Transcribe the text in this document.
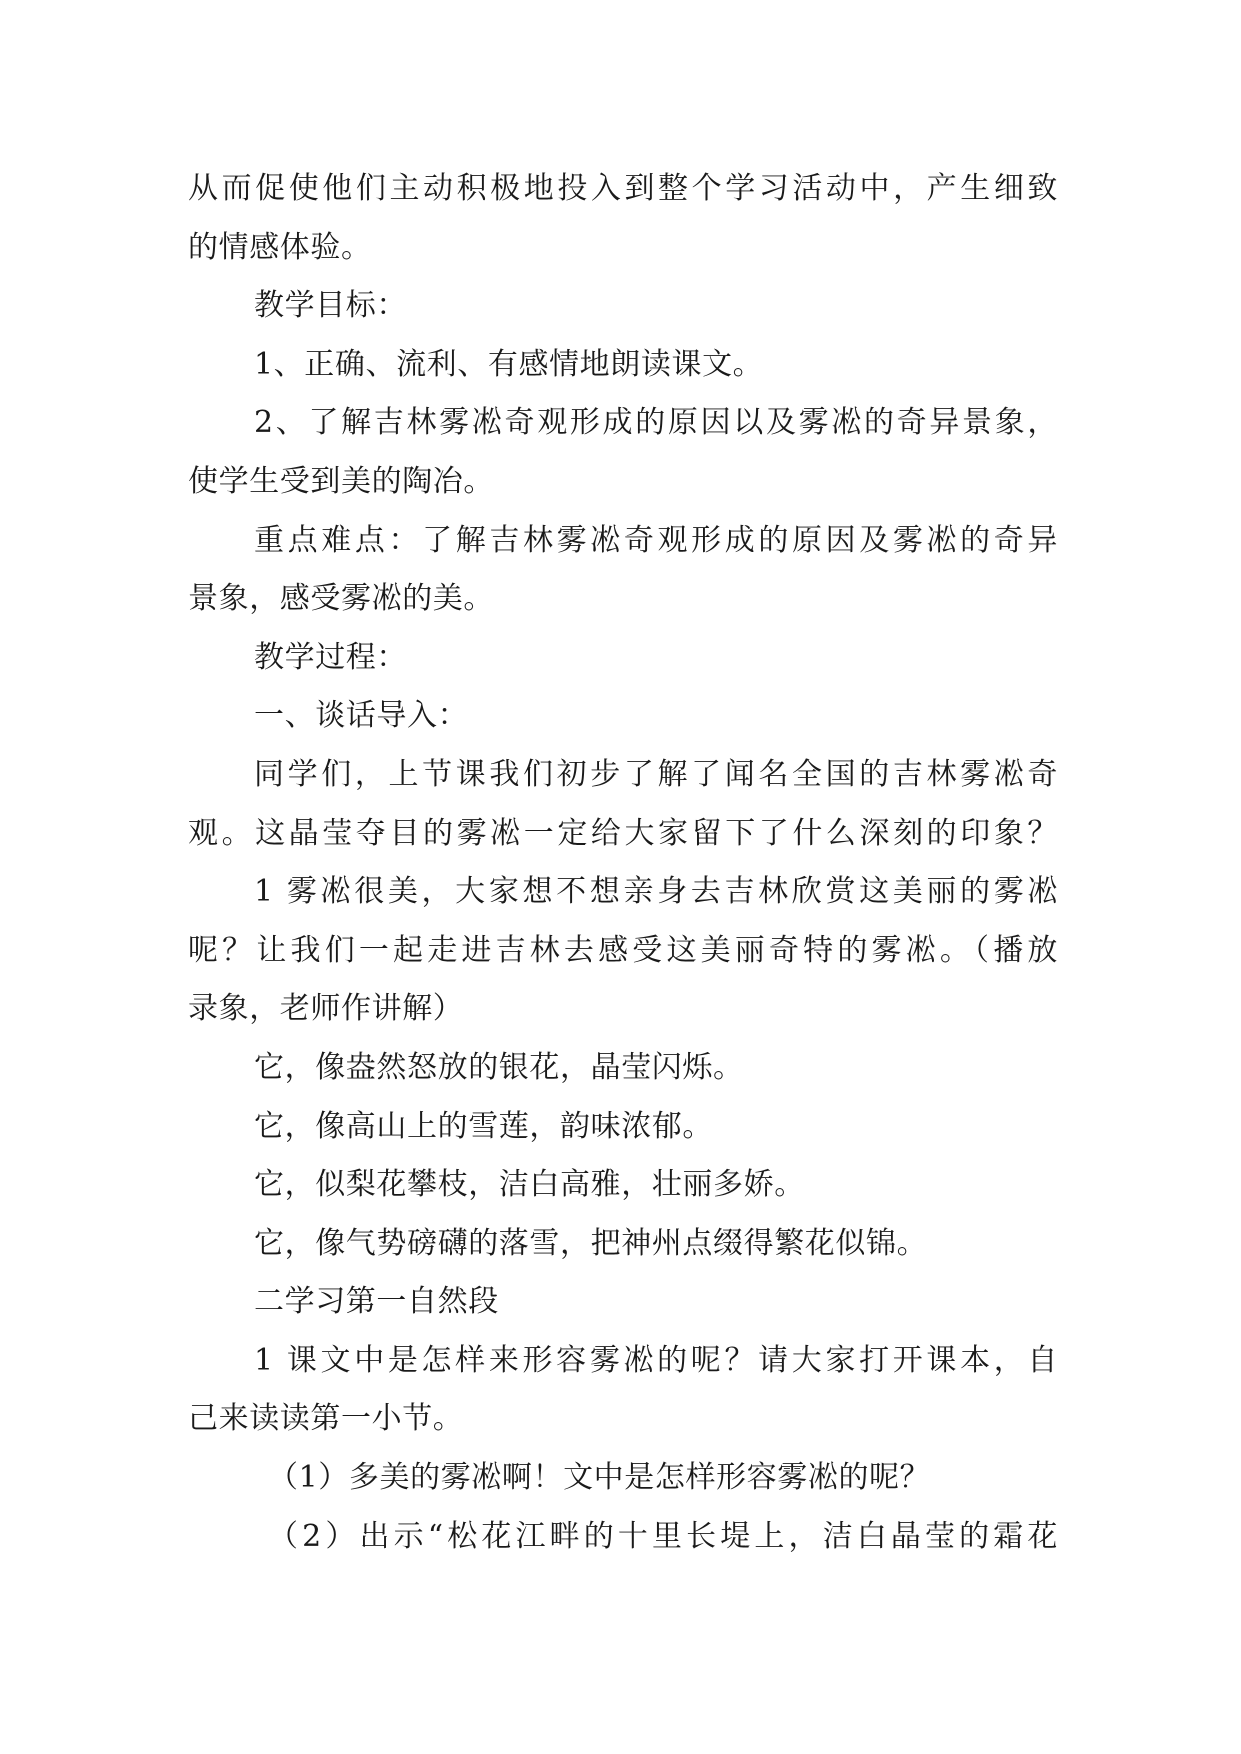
从而促使他们主动积极地投入到整个学习活动中，产生细致
的情感体验。
教学目标：
1、正确、流利、有感情地朗读课文。
2、了解吉林雾凇奇观形成的原因以及雾凇的奇异景象，
使学生受到美的陶冶。
重点难点：了解吉林雾凇奇观形成的原因及雾凇的奇异
景象，感受雾凇的美。
教学过程：
一、谈话导入：
同学们，上节课我们初步了解了闻名全国的吉林雾凇奇
观。这晶莹夺目的雾凇一定给大家留下了什么深刻的印象？
1 雾凇很美，大家想不想亲身去吉林欣赏这美丽的雾凇
呢？让我们一起走进吉林去感受这美丽奇特的雾凇。（播放
录象，老师作讲解）
它，像盎然怒放的银花，晶莹闪烁。
它，像高山上的雪莲，韵味浓郁。
它，似梨花攀枝，洁白高雅，壮丽多娇。
它，像气势磅礴的落雪，把神州点缀得繁花似锦。
二学习第一自然段
1 课文中是怎样来形容雾凇的呢？请大家打开课本，自
己来读读第一小节。
（1）多美的雾凇啊！文中是怎样形容雾凇的呢？
（2）出示“松花江畔的十里长堤上，洁白晶莹的霜花
